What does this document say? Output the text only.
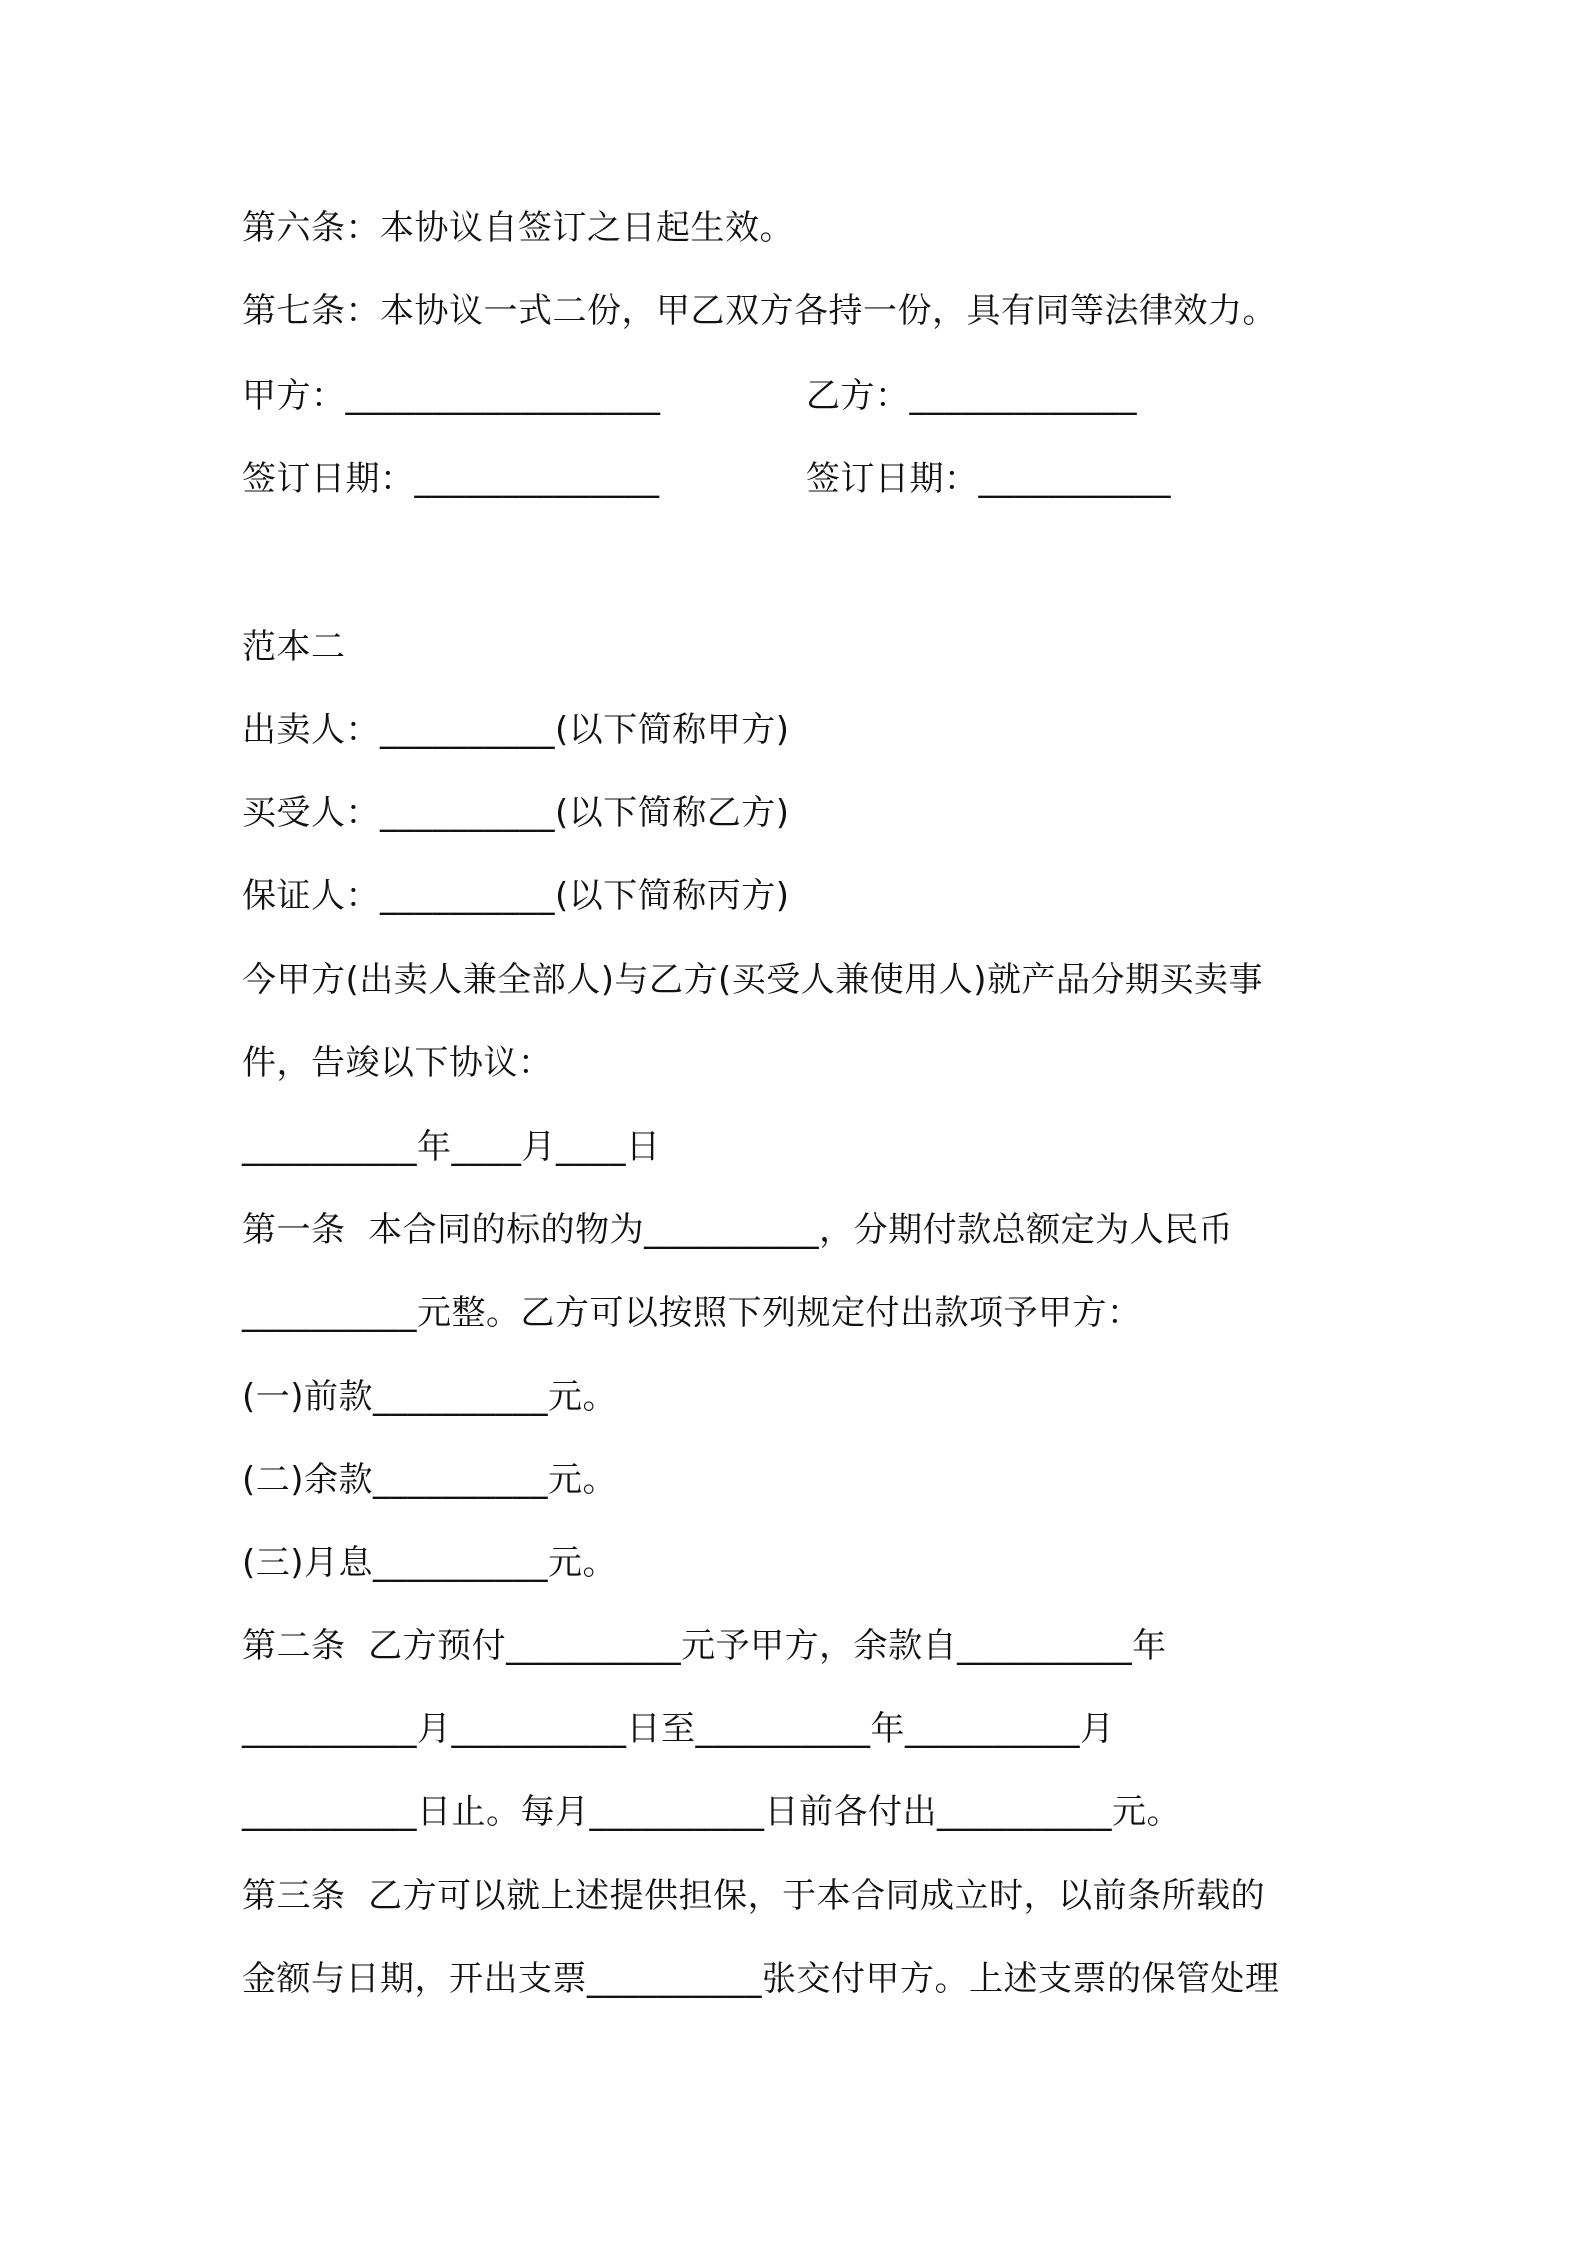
第六条：本协议自签订之日起生效。
第七条：本协议一式二份，甲乙双方各持一份，具有同等法律效力。
甲方：__________________	乙方：_____________
签订日期：______________	签订日期：___________
范本二
出卖人：__________(以下简称甲方)
买受人：__________(以下简称乙方)
保证人：__________(以下简称丙方)
今甲方(出卖人兼全部人)与乙方(买受人兼使用人)就产品分期买卖事
件，告竣以下协议：
__________年____月____日
第一条  本合同的标的物为__________，分期付款总额定为人民币
__________元整。乙方可以按照下列规定付出款项予甲方：
(一)前款__________元。
(二)余款__________元。
(三)月息__________元。
第二条  乙方预付__________元予甲方，余款自__________年
__________月__________日至__________年__________月
__________日止。每月__________日前各付出__________元。
第三条  乙方可以就上述提供担保，于本合同成立时，以前条所载的
金额与日期，开出支票__________张交付甲方。上述支票的保管处理
